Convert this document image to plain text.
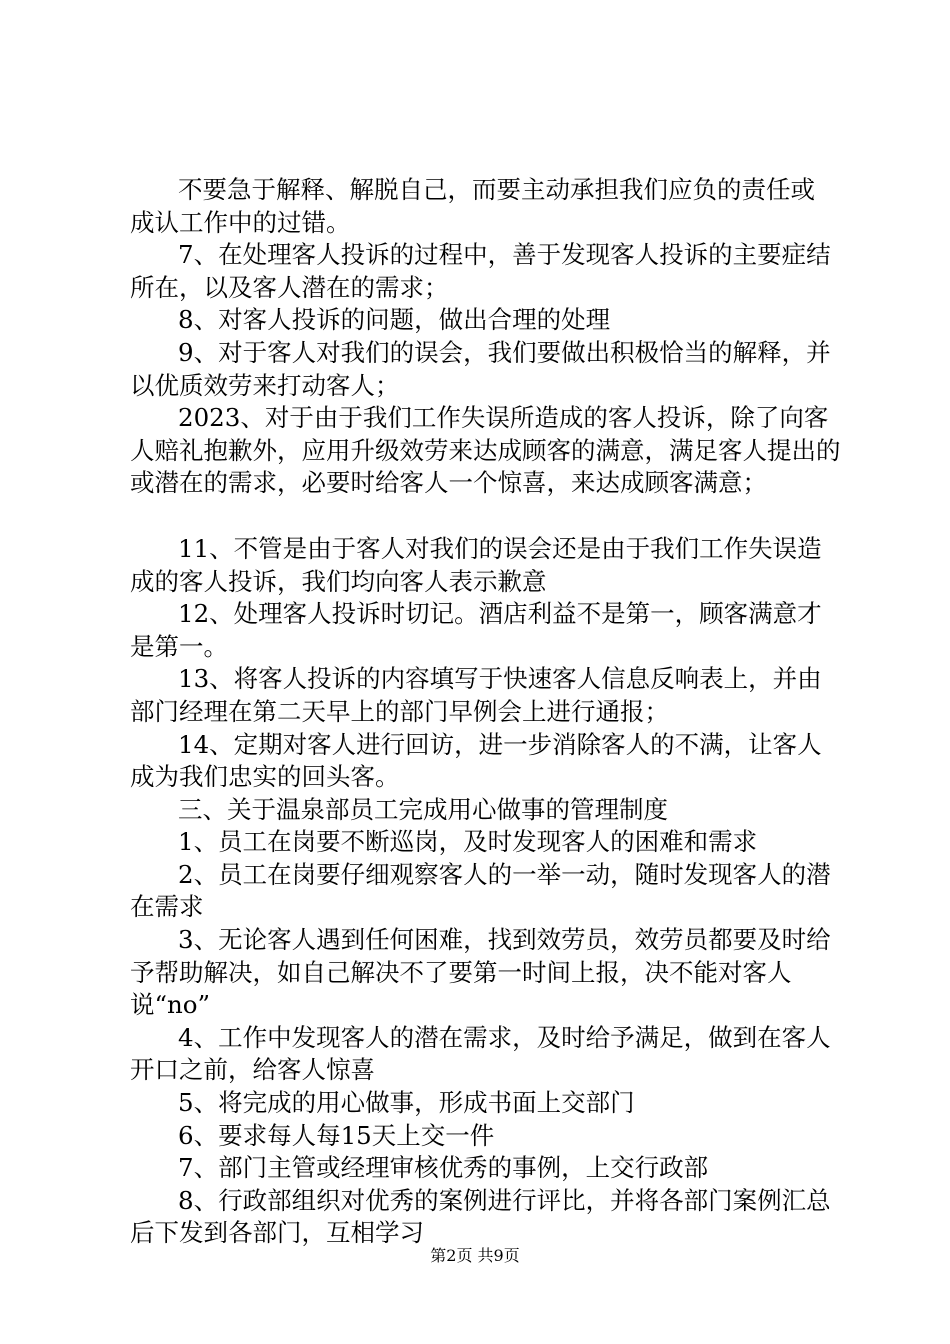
不要急于解释、解脱自己，而要主动承担我们应负的责任或成认工作中的过错。

7、在处理客人投诉的过程中，善于发现客人投诉的主要症结所在，以及客人潜在的需求；

8、对客人投诉的问题，做出合理的处理

9、对于客人对我们的误会，我们要做出积极恰当的解释，并以优质效劳来打动客人；

2023、对于由于我们工作失误所造成的客人投诉，除了向客人赔礼抱歉外，应用升级效劳来达成顾客的满意，满足客人提出的或潜在的需求，必要时给客人一个惊喜，来达成顾客满意；

11、不管是由于客人对我们的误会还是由于我们工作失误造成的客人投诉，我们均向客人表示歉意

12、处理客人投诉时切记。酒店利益不是第一，顾客满意才是第一。

13、将客人投诉的内容填写于快速客人信息反响表上，并由部门经理在第二天早上的部门早例会上进行通报；

14、定期对客人进行回访，进一步消除客人的不满，让客人成为我们忠实的回头客。

三、关于温泉部员工完成用心做事的管理制度

1、员工在岗要不断巡岗，及时发现客人的困难和需求

2、员工在岗要仔细观察客人的一举一动，随时发现客人的潜在需求

3、无论客人遇到任何困难，找到效劳员，效劳员都要及时给予帮助解决，如自己解决不了要第一时间上报，决不能对客人说“no”

4、工作中发现客人的潜在需求，及时给予满足，做到在客人开口之前，给客人惊喜

5、将完成的用心做事，形成书面上交部门

6、要求每人每15天上交一件

7、部门主管或经理审核优秀的事例，上交行政部

8、行政部组织对优秀的案例进行评比，并将各部门案例汇总后下发到各部门，互相学习

第2页 共9页
